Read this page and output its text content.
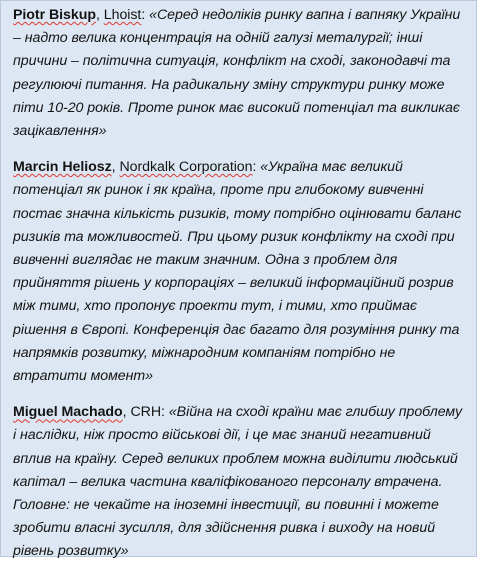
Piotr Biskup, Lhoist: «Серед недоліків ринку вапна і вапняку України – надто велика концентрація на одній галузі металургії; інші причини – політична ситуація, конфлікт на сході, законодавчі та регулюючі питання. На радикальну зміну структури ринку може піти 10-20 років. Проте ринок має високий потенціал та викликає зацікавлення»

Marcin Heliosz, Nordkalk Corporation: «Україна має великий потенціал як ринок і як країна, проте при глибокому вивченні постає значна кількість ризиків, тому потрібно оцінювати баланс ризиків та можливостей. При цьому ризик конфлікту на сході при вивченні виглядає не таким значним. Одна з проблем для прийняття рішень у корпораціях – великий інформаційний розрив між тими, хто пропонує проекти тут, і тими, хто приймає рішення в Європі. Конференція дає багато для розуміння ринку та напрямків розвитку, міжнародним компаніям потрібно не втратити момент»

Miguel Machado, CRH: «Війна на сході країни має глибшу проблему і наслідки, ніж просто військові дії, і це має знаний негативний вплив на країну. Серед великих проблем можна виділити людський капітал – велика частина кваліфікованого персоналу втрачена. Головне: не чекайте на іноземні інвестиції, ви повинні і можете зробити власні зусилля, для здійснення ривка і виходу на новий рівень розвитку»
